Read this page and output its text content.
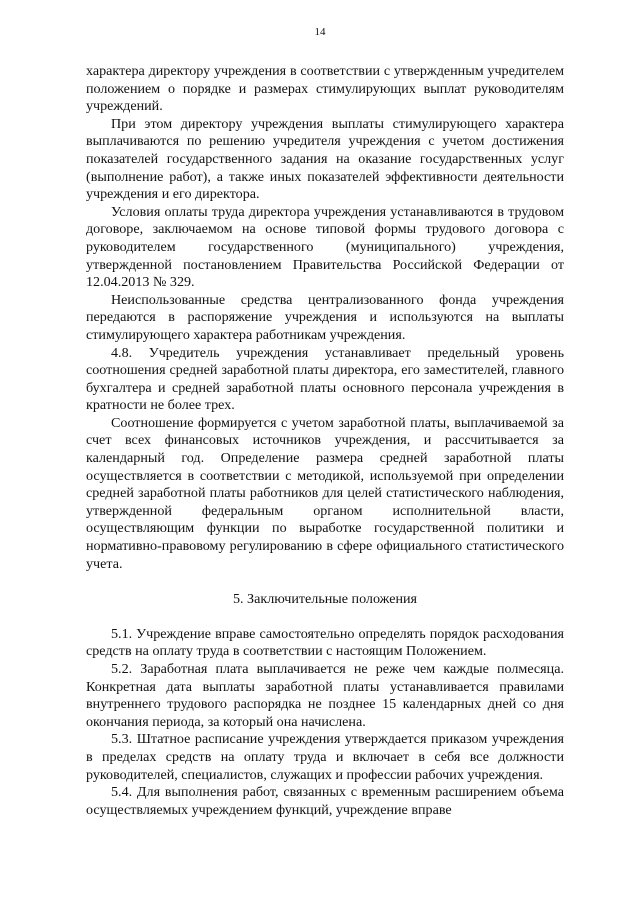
14

характера директору учреждения в соответствии с утвержденным учредителем положением о порядке и размерах стимулирующих выплат руководителям учреждений.

При этом директору учреждения выплаты стимулирующего характера выплачиваются по решению учредителя учреждения с учетом достижения показателей государственного задания на оказание государственных услуг (выполнение работ), а также иных показателей эффективности деятельности учреждения и его директора.

Условия оплаты труда директора учреждения устанавливаются в трудовом договоре, заключаемом на основе типовой формы трудового договора с руководителем государственного (муниципального) учреждения, утвержденной постановлением Правительства Российской Федерации от 12.04.2013 № 329.

Неиспользованные средства централизованного фонда учреждения передаются в распоряжение учреждения и используются на выплаты стимулирующего характера работникам учреждения.

4.8. Учредитель учреждения устанавливает предельный уровень соотношения средней заработной платы директора, его заместителей, главного бухгалтера и средней заработной платы основного персонала учреждения в кратности не более трех.

Соотношение формируется с учетом заработной платы, выплачиваемой за счет всех финансовых источников учреждения, и рассчитывается за календарный год. Определение размера средней заработной платы осуществляется в соответствии с методикой, используемой при определении средней заработной платы работников для целей статистического наблюдения, утвержденной федеральным органом исполнительной власти, осуществляющим функции по выработке государственной политики и нормативно-правовому регулированию в сфере официального статистического учета.

5. Заключительные положения

5.1. Учреждение вправе самостоятельно определять порядок расходования средств на оплату труда в соответствии с настоящим Положением.

5.2. Заработная плата выплачивается не реже чем каждые полмесяца. Конкретная дата выплаты заработной платы устанавливается правилами внутреннего трудового распорядка не позднее 15 календарных дней со дня окончания периода, за который она начислена.

5.3. Штатное расписание учреждения утверждается приказом учреждения в пределах средств на оплату труда и включает в себя все должности руководителей, специалистов, служащих и профессии рабочих учреждения.

5.4. Для выполнения работ, связанных с временным расширением объема осуществляемых учреждением функций, учреждение вправе
